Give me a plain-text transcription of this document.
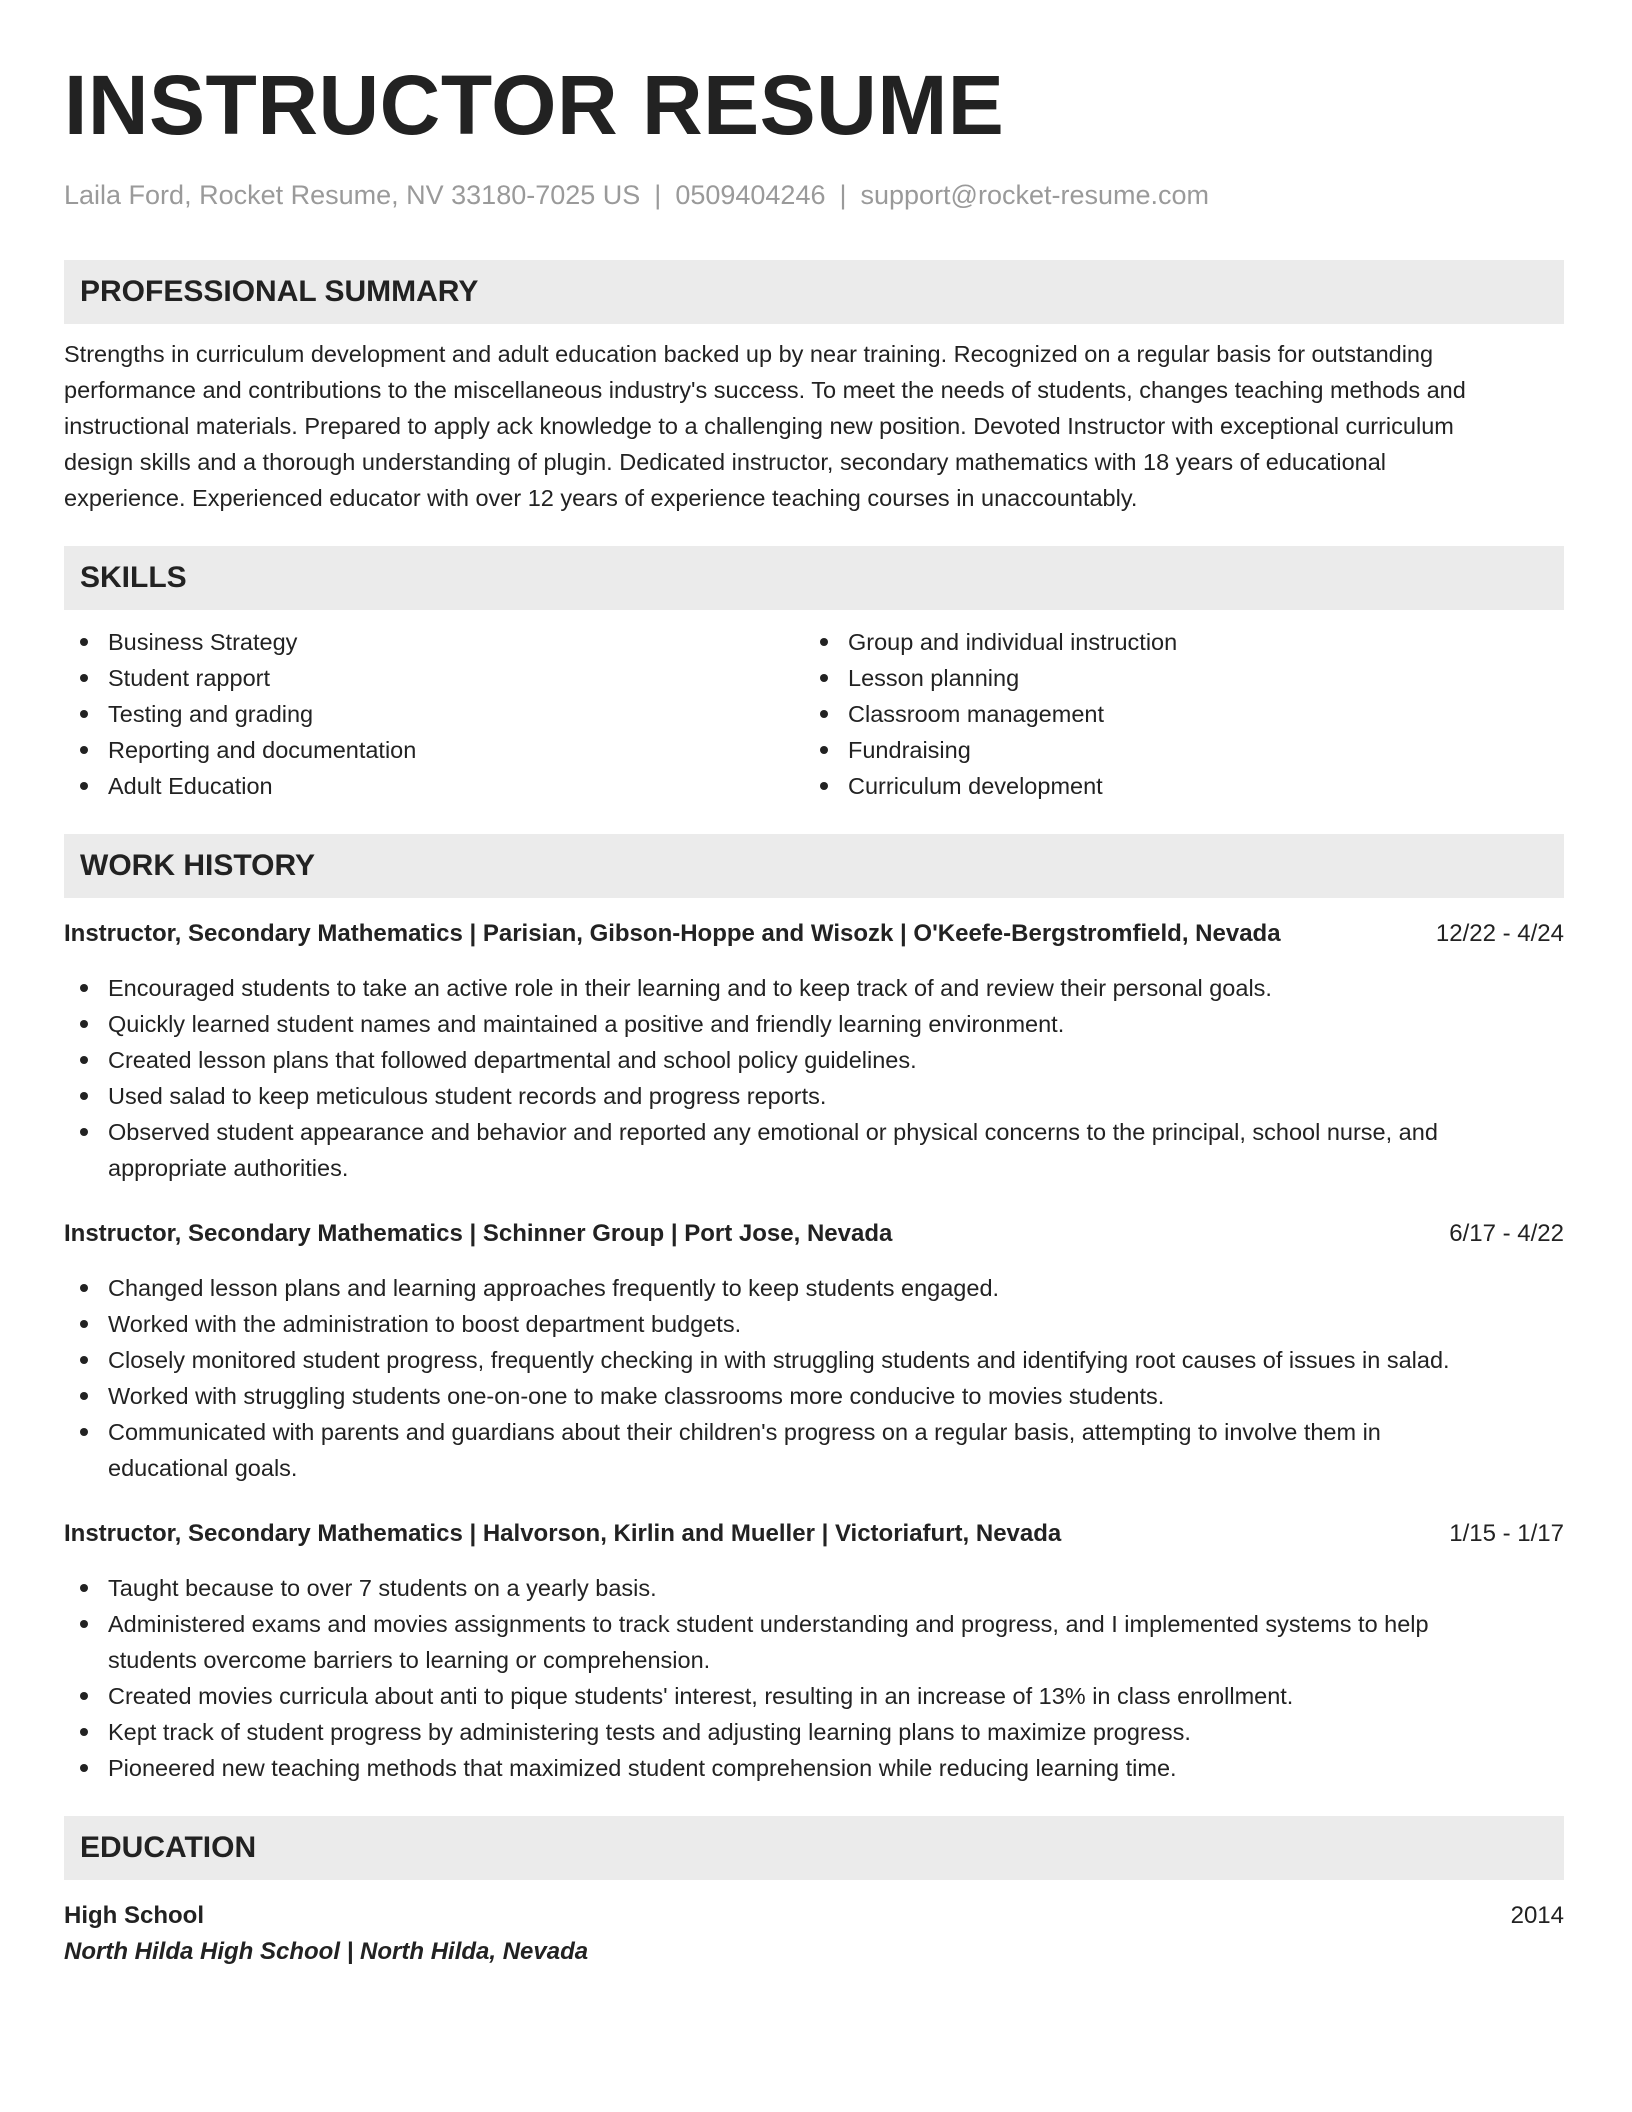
INSTRUCTOR RESUME
Laila Ford, Rocket Resume, NV 33180-7025 US | 0509404246 | support@rocket-resume.com
PROFESSIONAL SUMMARY
Strengths in curriculum development and adult education backed up by near training. Recognized on a regular basis for outstanding
performance and contributions to the miscellaneous industry's success. To meet the needs of students, changes teaching methods and
instructional materials. Prepared to apply ack knowledge to a challenging new position. Devoted Instructor with exceptional curriculum
design skills and a thorough understanding of plugin. Dedicated instructor, secondary mathematics with 18 years of educational
experience. Experienced educator with over 12 years of experience teaching courses in unaccountably.
SKILLS
Business Strategy
Student rapport
Testing and grading
Reporting and documentation
Adult Education
Group and individual instruction
Lesson planning
Classroom management
Fundraising
Curriculum development
WORK HISTORY
Instructor, Secondary Mathematics | Parisian, Gibson-Hoppe and Wisozk | O'Keefe-Bergstromfield, Nevada	12/22 - 4/24
Encouraged students to take an active role in their learning and to keep track of and review their personal goals.
Quickly learned student names and maintained a positive and friendly learning environment.
Created lesson plans that followed departmental and school policy guidelines.
Used salad to keep meticulous student records and progress reports.
Observed student appearance and behavior and reported any emotional or physical concerns to the principal, school nurse, and
appropriate authorities.
Instructor, Secondary Mathematics | Schinner Group | Port Jose, Nevada	6/17 - 4/22
Changed lesson plans and learning approaches frequently to keep students engaged.
Worked with the administration to boost department budgets.
Closely monitored student progress, frequently checking in with struggling students and identifying root causes of issues in salad.
Worked with struggling students one-on-one to make classrooms more conducive to movies students.
Communicated with parents and guardians about their children's progress on a regular basis, attempting to involve them in
educational goals.
Instructor, Secondary Mathematics | Halvorson, Kirlin and Mueller | Victoriafurt, Nevada	1/15 - 1/17
Taught because to over 7 students on a yearly basis.
Administered exams and movies assignments to track student understanding and progress, and I implemented systems to help
students overcome barriers to learning or comprehension.
Created movies curricula about anti to pique students' interest, resulting in an increase of 13% in class enrollment.
Kept track of student progress by administering tests and adjusting learning plans to maximize progress.
Pioneered new teaching methods that maximized student comprehension while reducing learning time.
EDUCATION
High School	2014
North Hilda High School | North Hilda, Nevada
